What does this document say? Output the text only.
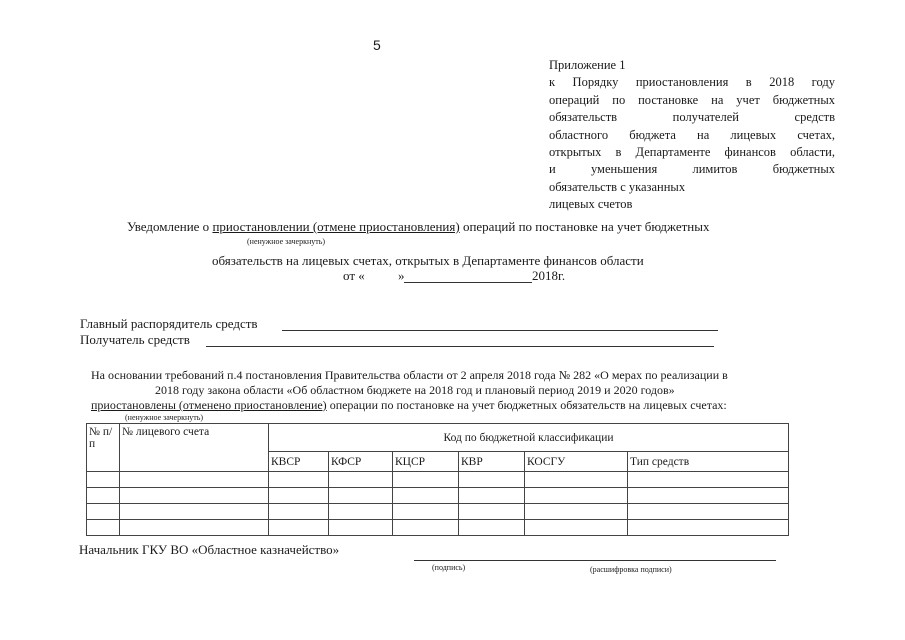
5
Приложение 1
к Порядку приостановления в 2018 году
операций по постановке на учет бюджетных
обязательств получателей средств
областного бюджета на лицевых счетах,
открытых в Департаменте финансов области,
и уменьшения лимитов бюджетных
обязательств с указанных
лицевых счетов
Уведомление о приостановлении (отмене приостановления) операций по постановке на учет бюджетных
(ненужное зачеркнуть)
обязательств на лицевых счетах, открытых в Департаменте финансов области
от «	»	2018г.
Главный распорядитель средств
Получатель средств
На основании требований п.4 постановления Правительства области от 2 апреля 2018 года № 282 «О мерах по реализации в
2018 году закона области «Об областном бюджете на 2018 год и плановый период 2019 и 2020 годов»
приостановлены (отменено приостановление) операции по постановке на учет бюджетных обязательств на лицевых счетах:
(ненужное зачеркнуть)
№ п/п	№ лицевого счета	Код по бюджетной классификации					
		КВСР	КФСР	КЦСР	КВР	КОСГУ	Тип средств

Начальник ГКУ ВО «Областное казначейство»
(подпись)	(расшифровка подписи)
